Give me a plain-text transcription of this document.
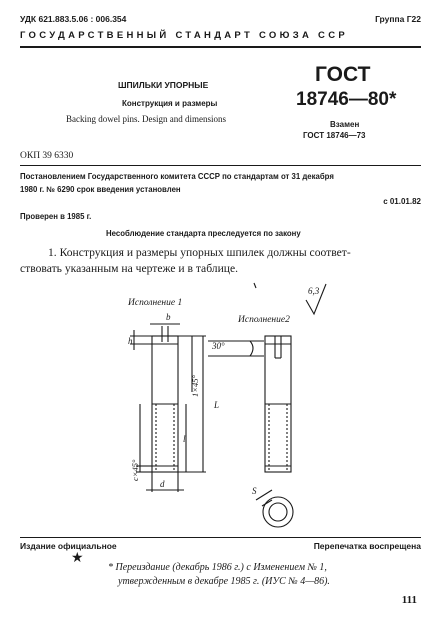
УДК 621.883.5.06 : 006.354	Группа Г22
ГОСУДАРСТВЕННЫЙ СТАНДАРТ СОЮЗА ССР
ШПИЛЬКИ УПОРНЫЕ
Конструкция и размеры
Backing dowel pins. Design and dimensions
ГОСТ
18746—80*
Взамен
ГОСТ 18746—73
ОКП 39 6330
Постановлением Государственного комитета СССР по стандартам от 31 декабря
1980 г. № 6290 срок введения установлен
с 01.01.82
Проверен в 1985 г.
Несоблюдение стандарта преследуется по закону
1. Конструкция и размеры упорных шпилек должны соответ-
ствовать указанным на чертеже и в таблице.
Исполнение 1
Исполнение2
6,3
b
h	30°
1×45°
L
l
c×45°
d
S
Издание официальное	Перепечатка воспрещена
★
* Переиздание (декабрь 1986 г.) с Изменением № 1,
утвержденным в декабре 1985 г. (ИУС № 4—86).
111
